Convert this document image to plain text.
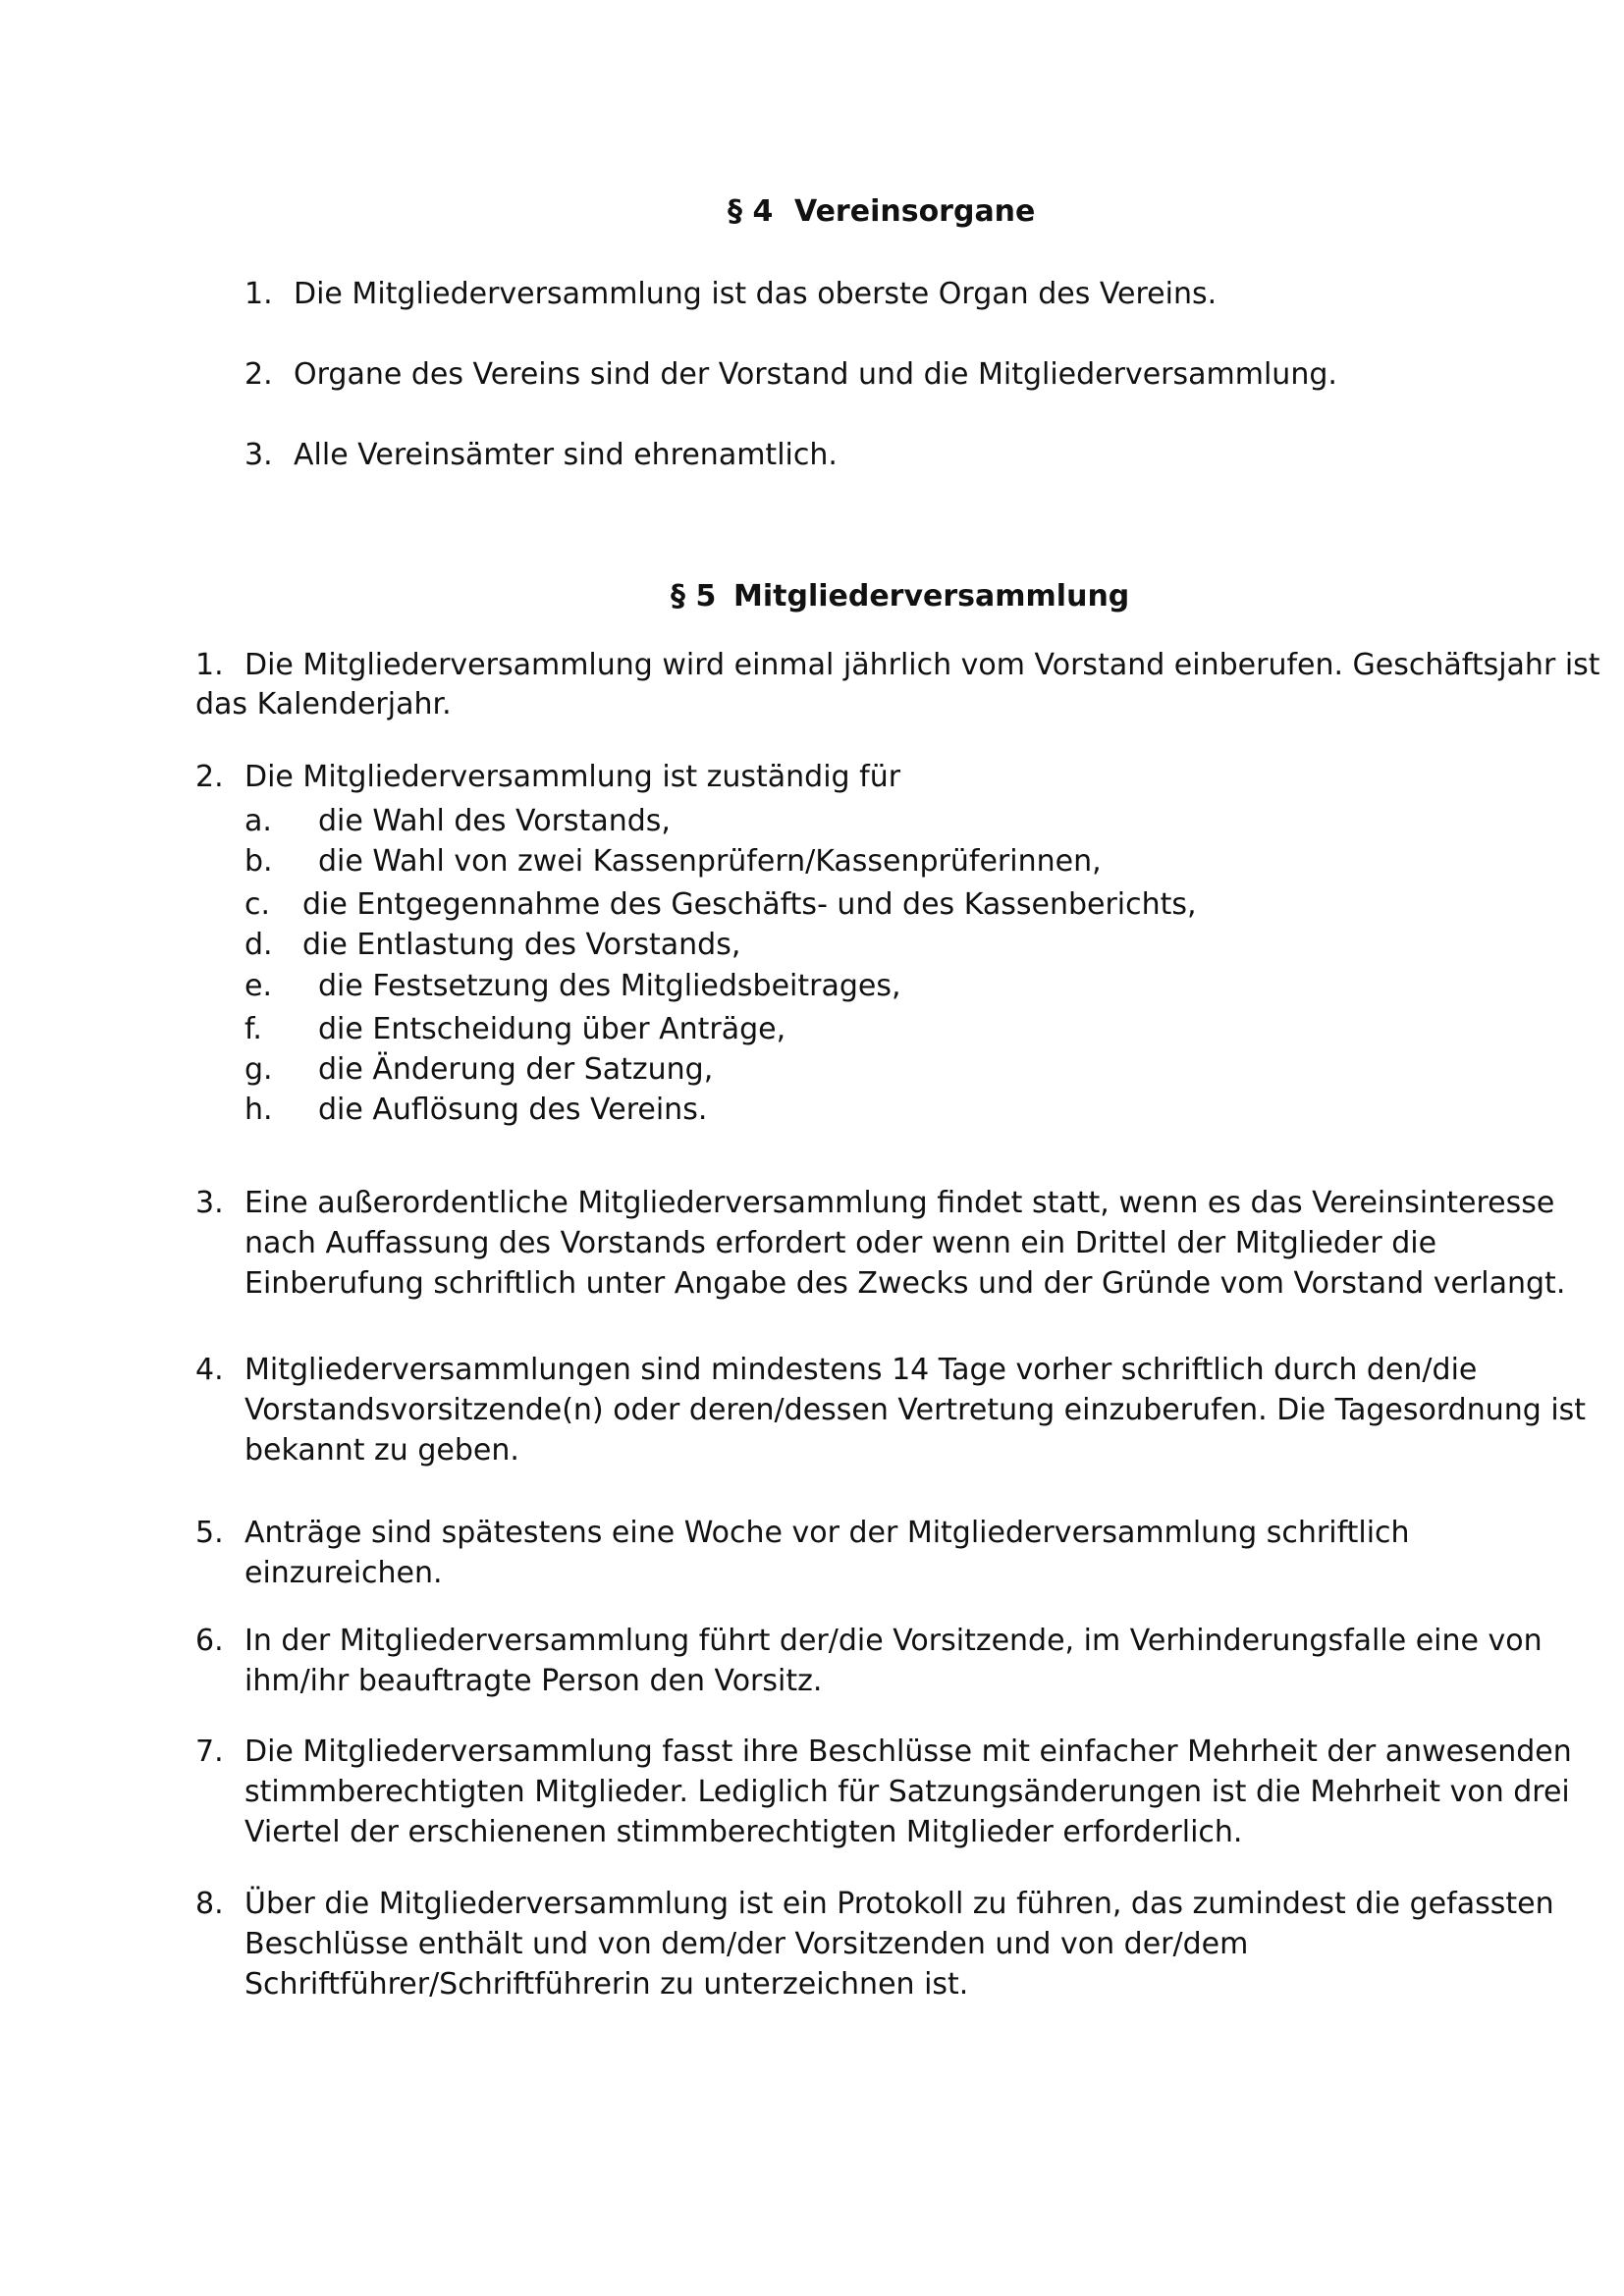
§ 4 Vereinsorgane
1. Die Mitgliederversammlung ist das oberste Organ des Vereins.
2. Organe des Vereins sind der Vorstand und die Mitgliederversammlung.
3. Alle Vereinsämter sind ehrenamtlich.
§ 5 Mitgliederversammlung
1. Die Mitgliederversammlung wird einmal jährlich vom Vorstand einberufen. Geschäftsjahr ist
das Kalenderjahr.
2. Die Mitgliederversammlung ist zuständig für
a. die Wahl des Vorstands,
b. die Wahl von zwei Kassenprüfern/Kassenprüferinnen,
c. die Entgegennahme des Geschäfts- und des Kassenberichts,
d. die Entlastung des Vorstands,
e. die Festsetzung des Mitgliedsbeitrages,
f. die Entscheidung über Anträge,
g. die Änderung der Satzung,
h. die Auflösung des Vereins.
3. Eine außerordentliche Mitgliederversammlung findet statt, wenn es das Vereinsinteresse
nach Auffassung des Vorstands erfordert oder wenn ein Drittel der Mitglieder die
Einberufung schriftlich unter Angabe des Zwecks und der Gründe vom Vorstand verlangt.
4. Mitgliederversammlungen sind mindestens 14 Tage vorher schriftlich durch den/die
Vorstandsvorsitzende(n) oder deren/dessen Vertretung einzuberufen. Die Tagesordnung ist
bekannt zu geben.
5. Anträge sind spätestens eine Woche vor der Mitgliederversammlung schriftlich
einzureichen.
6. In der Mitgliederversammlung führt der/die Vorsitzende, im Verhinderungsfalle eine von
ihm/ihr beauftragte Person den Vorsitz.
7. Die Mitgliederversammlung fasst ihre Beschlüsse mit einfacher Mehrheit der anwesenden
stimmberechtigten Mitglieder. Lediglich für Satzungsänderungen ist die Mehrheit von drei
Viertel der erschienenen stimmberechtigten Mitglieder erforderlich.
8. Über die Mitgliederversammlung ist ein Protokoll zu führen, das zumindest die gefassten
Beschlüsse enthält und von dem/der Vorsitzenden und von der/dem
Schriftführer/Schriftführerin zu unterzeichnen ist.
